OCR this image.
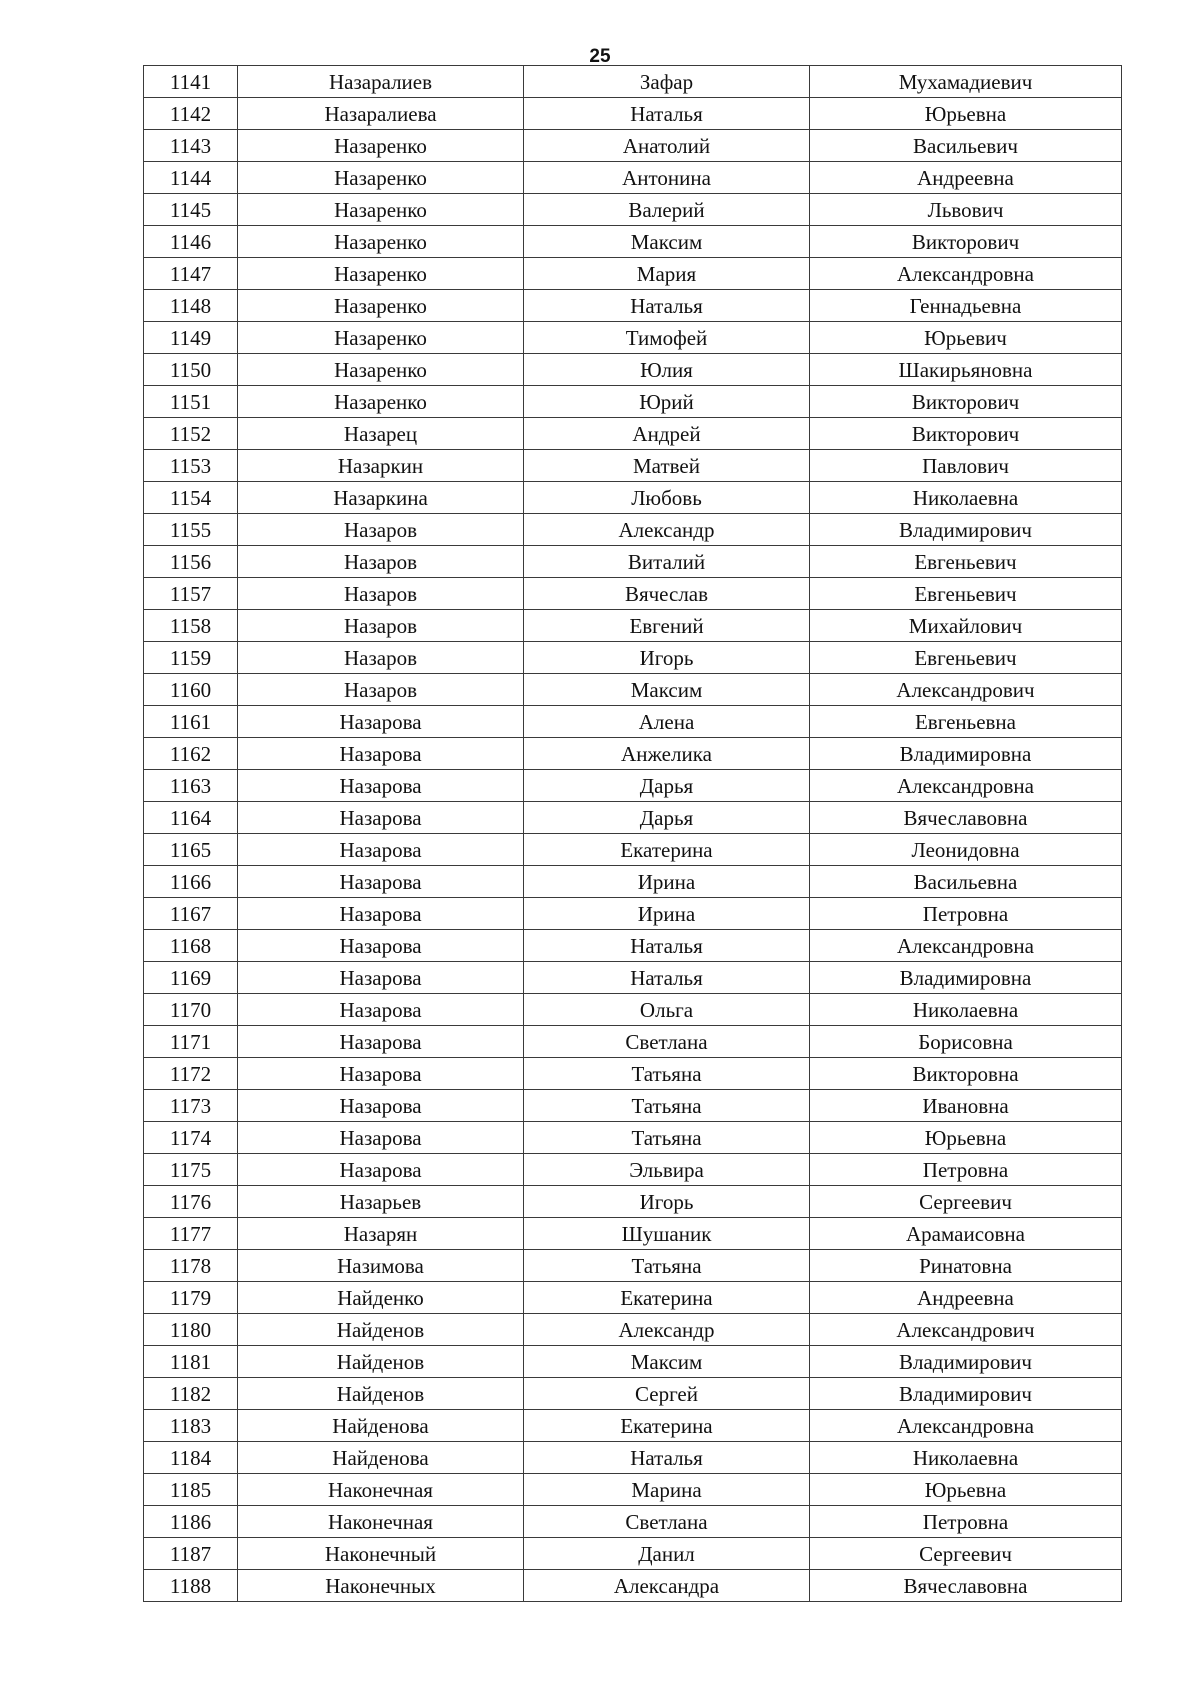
25
1141	Назаралиев	Зафар	Мухамадиевич
1142	Назаралиева	Наталья	Юрьевна
1143	Назаренко	Анатолий	Васильевич
1144	Назаренко	Антонина	Андреевна
1145	Назаренко	Валерий	Львович
1146	Назаренко	Максим	Викторович
1147	Назаренко	Мария	Александровна
1148	Назаренко	Наталья	Геннадьевна
1149	Назаренко	Тимофей	Юрьевич
1150	Назаренко	Юлия	Шакирьяновна
1151	Назаренко	Юрий	Викторович
1152	Назарец	Андрей	Викторович
1153	Назаркин	Матвей	Павлович
1154	Назаркина	Любовь	Николаевна
1155	Назаров	Александр	Владимирович
1156	Назаров	Виталий	Евгеньевич
1157	Назаров	Вячеслав	Евгеньевич
1158	Назаров	Евгений	Михайлович
1159	Назаров	Игорь	Евгеньевич
1160	Назаров	Максим	Александрович
1161	Назарова	Алена	Евгеньевна
1162	Назарова	Анжелика	Владимировна
1163	Назарова	Дарья	Александровна
1164	Назарова	Дарья	Вячеславовна
1165	Назарова	Екатерина	Леонидовна
1166	Назарова	Ирина	Васильевна
1167	Назарова	Ирина	Петровна
1168	Назарова	Наталья	Александровна
1169	Назарова	Наталья	Владимировна
1170	Назарова	Ольга	Николаевна
1171	Назарова	Светлана	Борисовна
1172	Назарова	Татьяна	Викторовна
1173	Назарова	Татьяна	Ивановна
1174	Назарова	Татьяна	Юрьевна
1175	Назарова	Эльвира	Петровна
1176	Назарьев	Игорь	Сергеевич
1177	Назарян	Шушаник	Арамаисовна
1178	Назимова	Татьяна	Ринатовна
1179	Найденко	Екатерина	Андреевна
1180	Найденов	Александр	Александрович
1181	Найденов	Максим	Владимирович
1182	Найденов	Сергей	Владимирович
1183	Найденова	Екатерина	Александровна
1184	Найденова	Наталья	Николаевна
1185	Наконечная	Марина	Юрьевна
1186	Наконечная	Светлана	Петровна
1187	Наконечный	Данил	Сергеевич
1188	Наконечных	Александра	Вячеславовна
